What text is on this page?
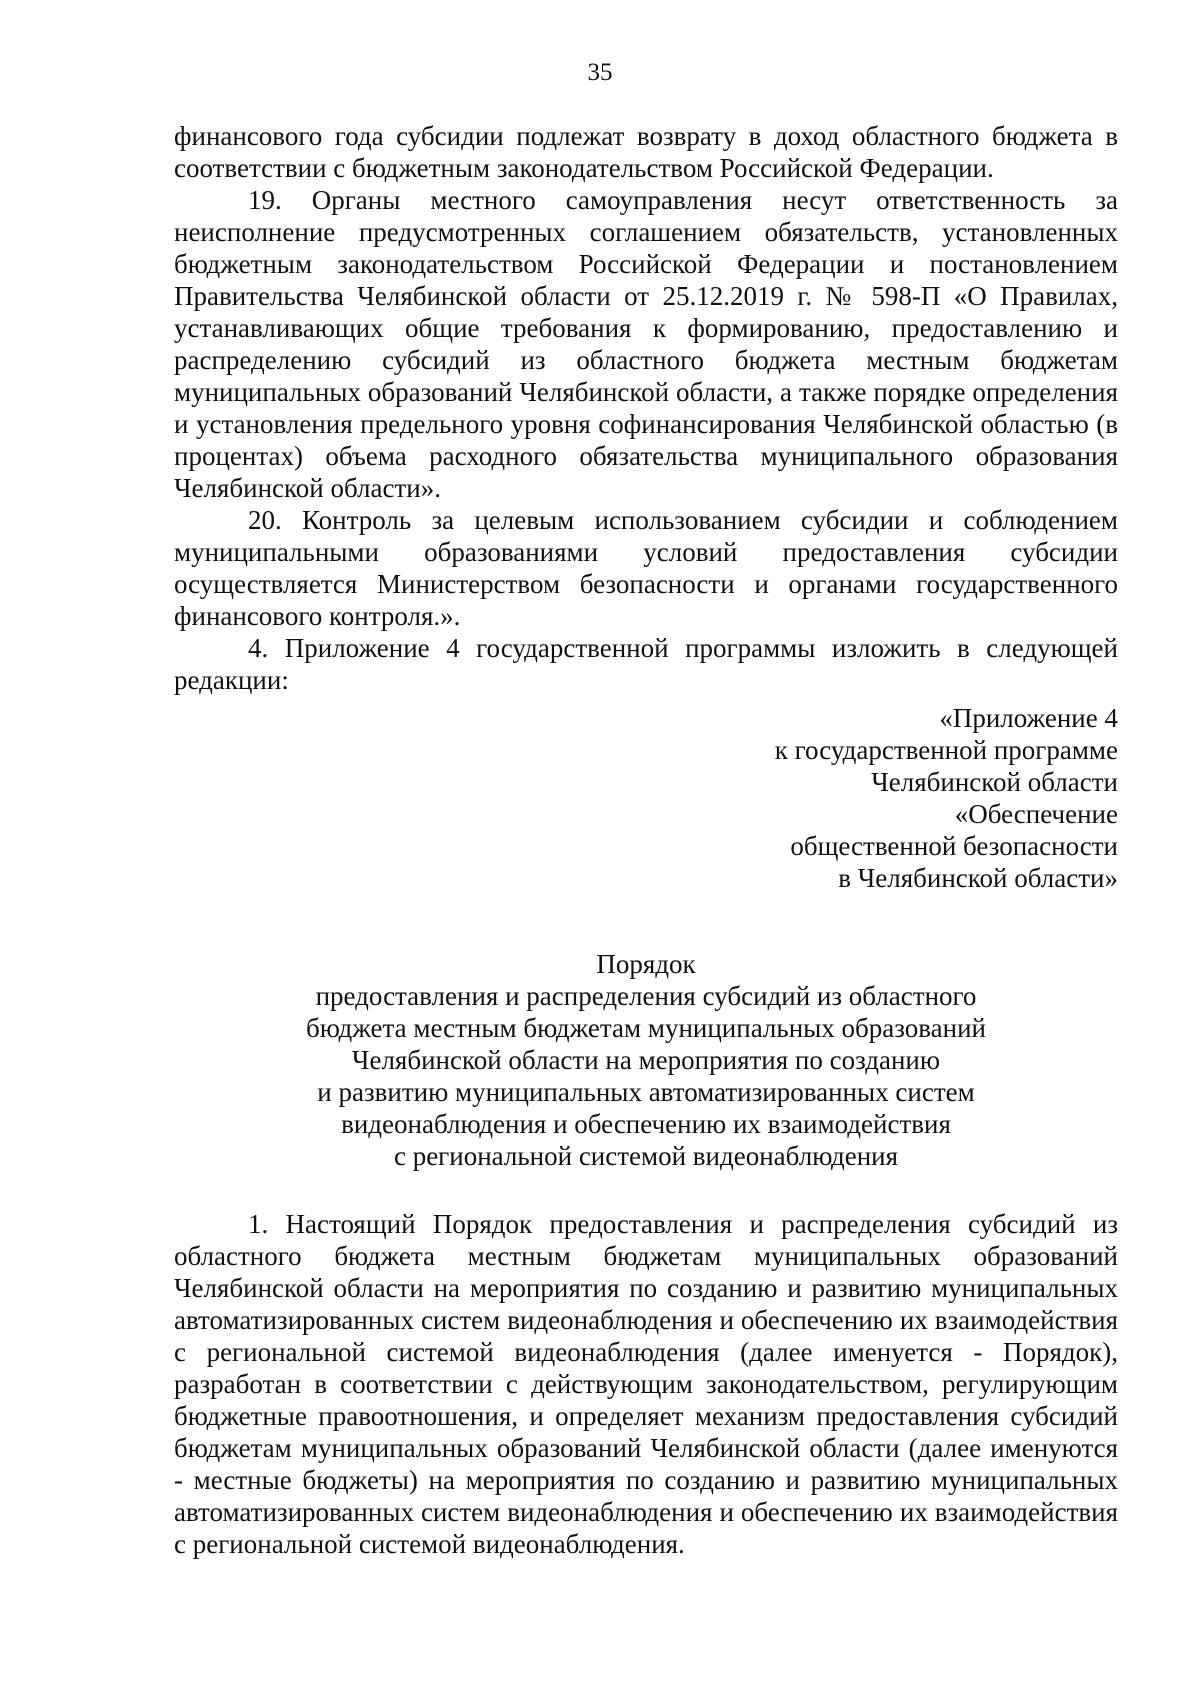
35

финансового года субсидии подлежат возврату в доход областного бюджета в соответствии с бюджетным законодательством Российской Федерации.

19. Органы местного самоуправления несут ответственность за неисполнение предусмотренных соглашением обязательств, установленных бюджетным законодательством Российской Федерации и постановлением Правительства Челябинской области от 25.12.2019 г. № 598-П «О Правилах, устанавливающих общие требования к формированию, предоставлению и распределению субсидий из областного бюджета местным бюджетам муниципальных образований Челябинской области, а также порядке определения и установления предельного уровня софинансирования Челябинской областью (в процентах) объема расходного обязательства муниципального образования Челябинской области».

20. Контроль за целевым использованием субсидии и соблюдением муниципальными образованиями условий предоставления субсидии осуществляется Министерством безопасности и органами государственного финансового контроля.».

4. Приложение 4 государственной программы изложить в следующей редакции:

«Приложение 4
к государственной программе
Челябинской области
«Обеспечение
общественной безопасности
в Челябинской области»
Порядок
предоставления и распределения субсидий из областного
бюджета местным бюджетам муниципальных образований
Челябинской области на мероприятия по созданию
и развитию муниципальных автоматизированных систем
видеонаблюдения и обеспечению их взаимодействия
с региональной системой видеонаблюдения

1. Настоящий Порядок предоставления и распределения субсидий из областного бюджета местным бюджетам муниципальных образований Челябинской области на мероприятия по созданию и развитию муниципальных автоматизированных систем видеонаблюдения и обеспечению их взаимодействия с региональной системой видеонаблюдения (далее именуется - Порядок), разработан в соответствии с действующим законодательством, регулирующим бюджетные правоотношения, и определяет механизм предоставления субсидий бюджетам муниципальных образований Челябинской области (далее именуются - местные бюджеты) на мероприятия по созданию и развитию муниципальных автоматизированных систем видеонаблюдения и обеспечению их взаимодействия с региональной системой видеонаблюдения.
